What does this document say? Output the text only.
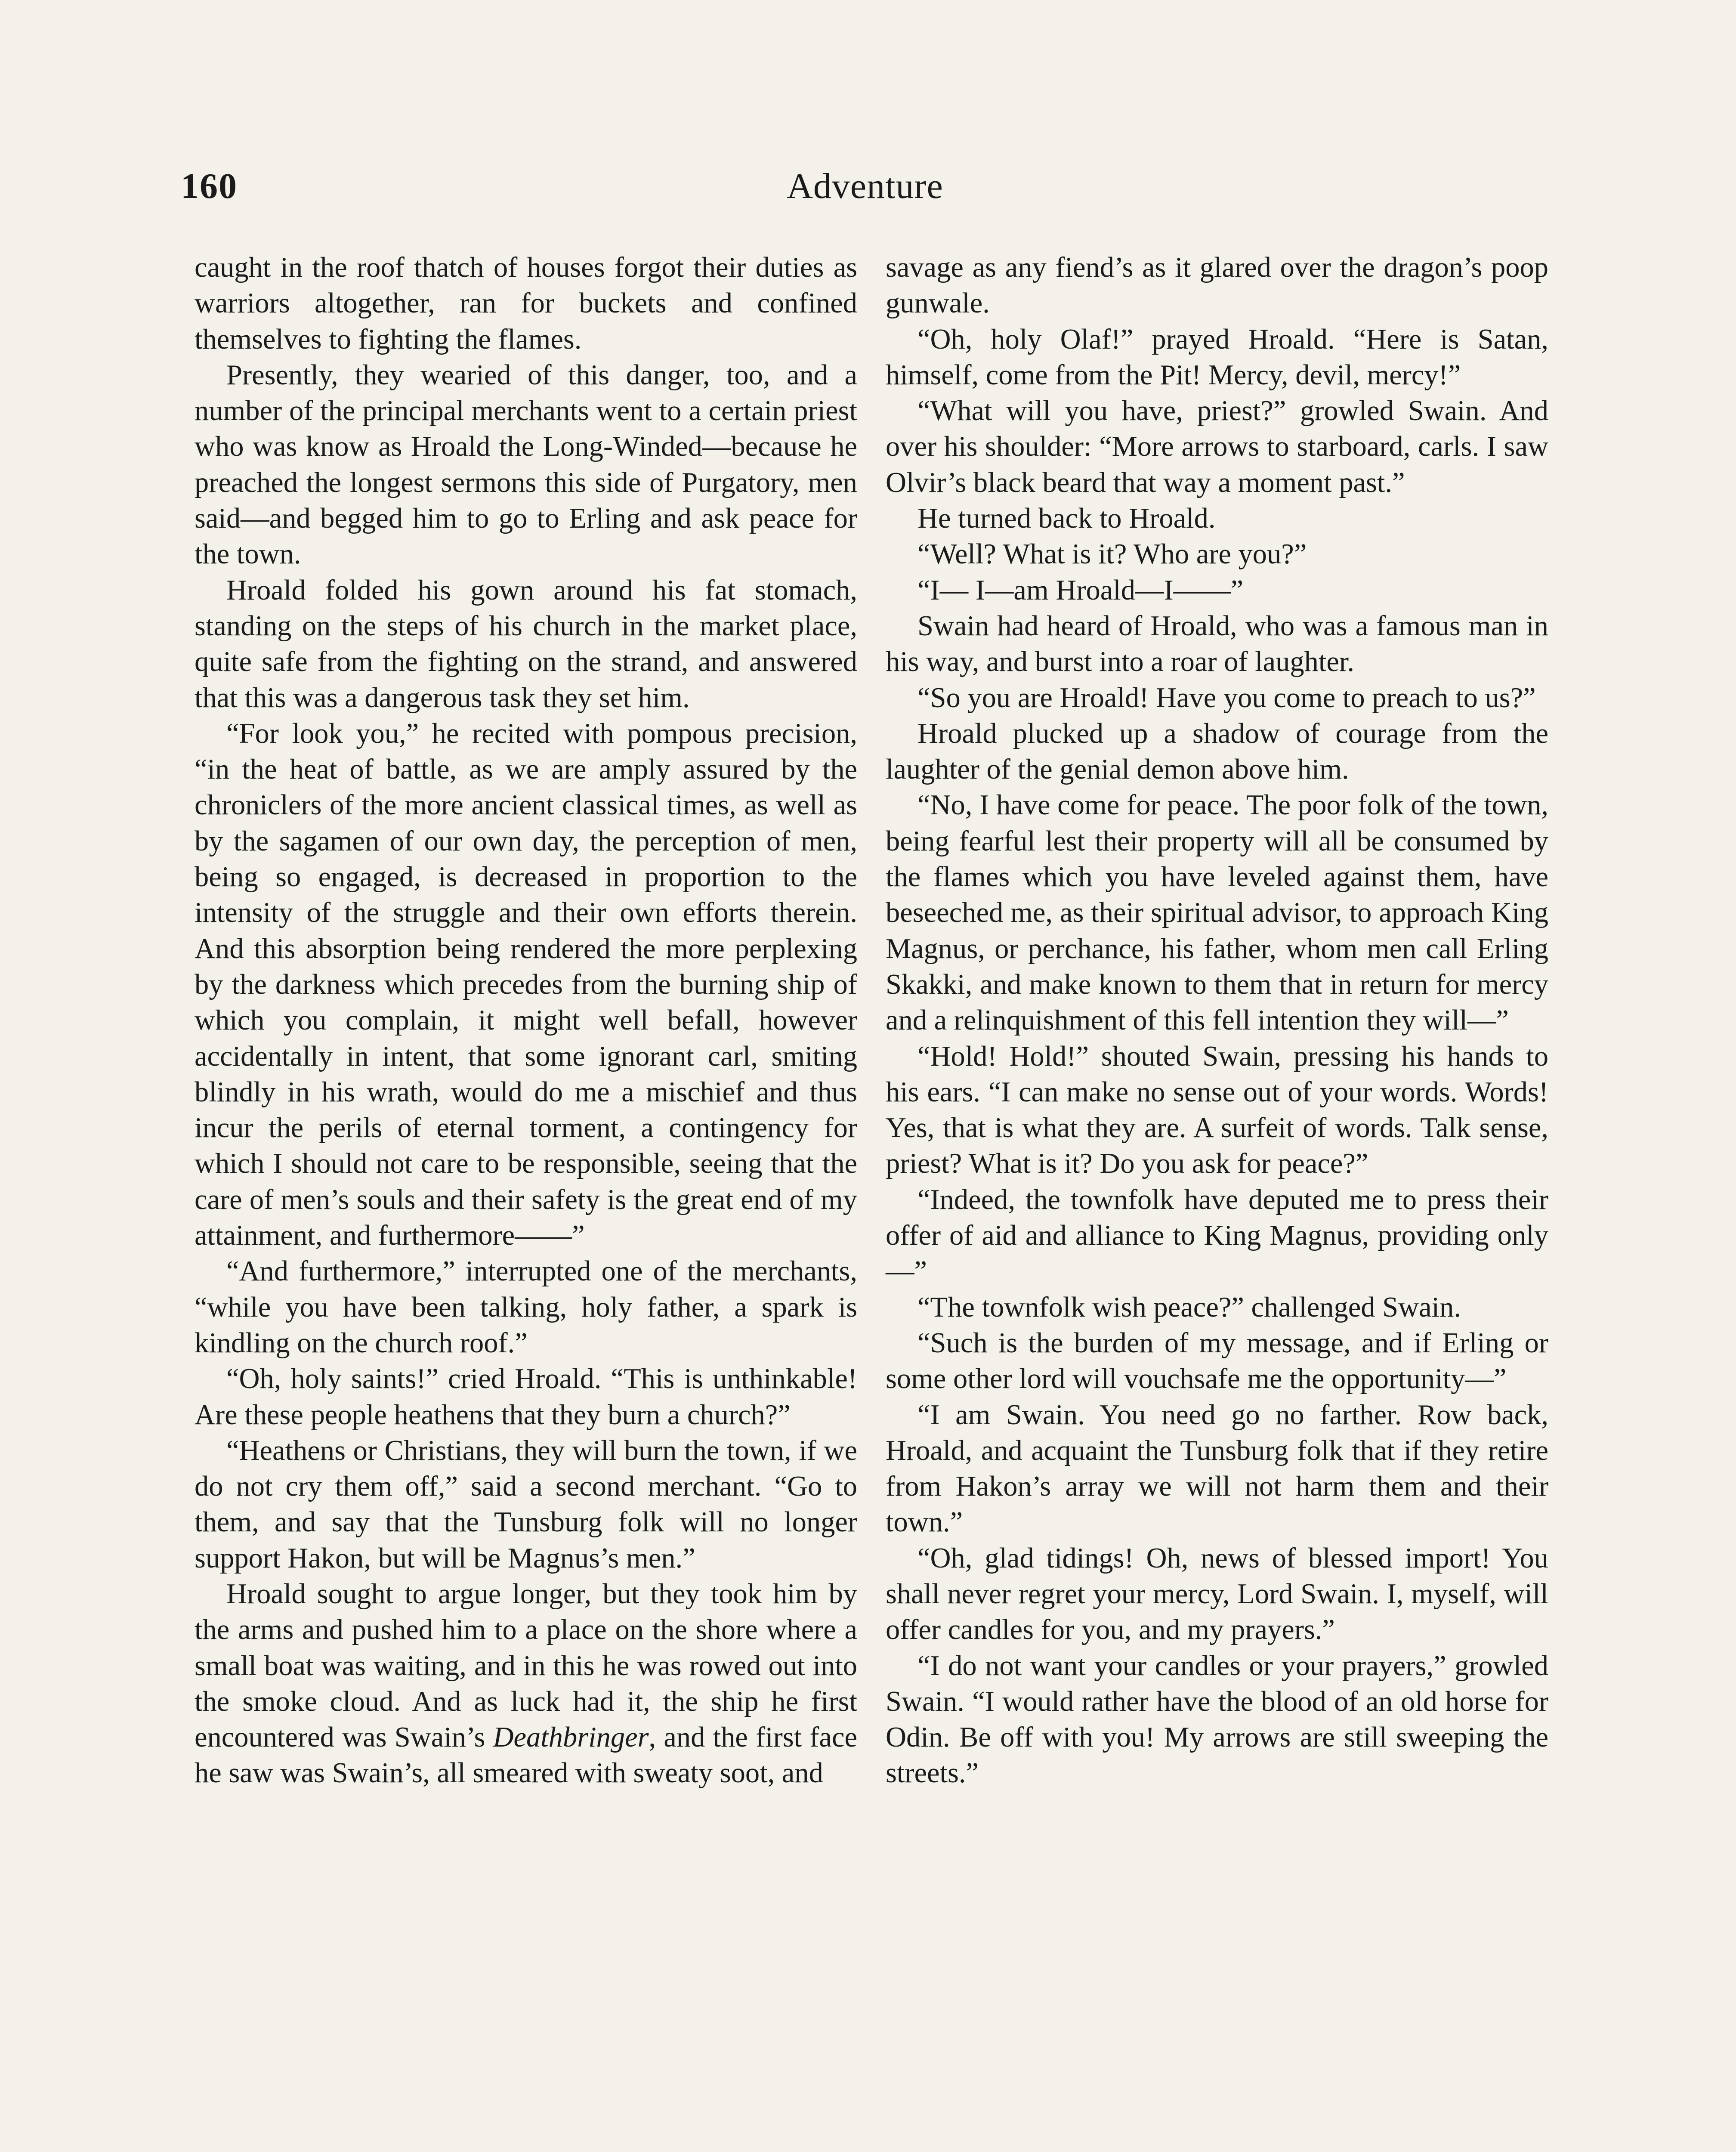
160	Adventure

caught in the roof thatch of houses forgot their duties as warriors altogether, ran for buckets and confined themselves to fighting the flames.

Presently, they wearied of this danger, too, and a number of the principal merchants went to a certain priest who was know as Hroald the Long-Winded—because he preached the longest sermons this side of Purgatory, men said—and begged him to go to Erling and ask peace for the town.

Hroald folded his gown around his fat stomach, standing on the steps of his church in the market place, quite safe from the fighting on the strand, and answered that this was a dangerous task they set him.

“For look you,” he recited with pompous precision, “in the heat of battle, as we are amply assured by the chroniclers of the more ancient classical times, as well as by the sagamen of our own day, the perception of men, being so engaged, is decreased in proportion to the intensity of the struggle and their own efforts therein. And this absorption being rendered the more perplexing by the darkness which precedes from the burning ship of which you complain, it might well befall, however accidentally in intent, that some ignorant carl, smiting blindly in his wrath, would do me a mischief and thus incur the perils of eternal torment, a contingency for which I should not care to be responsible, seeing that the care of men’s souls and their safety is the great end of my attainment, and furthermore——”

“And furthermore,” interrupted one of the merchants, “while you have been talking, holy father, a spark is kindling on the church roof.”

“Oh, holy saints!” cried Hroald. “This is unthinkable! Are these people heathens that they burn a church?”

“Heathens or Christians, they will burn the town, if we do not cry them off,” said a second merchant. “Go to them, and say that the Tunsburg folk will no longer support Hakon, but will be Magnus’s men.”

Hroald sought to argue longer, but they took him by the arms and pushed him to a place on the shore where a small boat was waiting, and in this he was rowed out into the smoke cloud. And as luck had it, the ship he first encountered was Swain’s Deathbringer, and the first face he saw was Swain’s, all smeared with sweaty soot, and

savage as any fiend’s as it glared over the dragon’s poop gunwale.

“Oh, holy Olaf!” prayed Hroald. “Here is Satan, himself, come from the Pit! Mercy, devil, mercy!”

“What will you have, priest?” growled Swain. And over his shoulder: “More arrows to starboard, carls. I saw Olvir’s black beard that way a moment past.”

He turned back to Hroald.

“Well? What is it? Who are you?”

“I— I—am Hroald—I——”

Swain had heard of Hroald, who was a famous man in his way, and burst into a roar of laughter.

“So you are Hroald! Have you come to preach to us?”

Hroald plucked up a shadow of courage from the laughter of the genial demon above him.

“No, I have come for peace. The poor folk of the town, being fearful lest their property will all be consumed by the flames which you have leveled against them, have beseeched me, as their spiritual advisor, to approach King Magnus, or perchance, his father, whom men call Erling Skakki, and make known to them that in return for mercy and a relinquishment of this fell intention they will—”

“Hold! Hold!” shouted Swain, pressing his hands to his ears. “I can make no sense out of your words. Words! Yes, that is what they are. A surfeit of words. Talk sense, priest? What is it? Do you ask for peace?”

“Indeed, the townfolk have deputed me to press their offer of aid and alliance to King Magnus, providing only—”

“The townfolk wish peace?” challenged Swain.

“Such is the burden of my message, and if Erling or some other lord will vouchsafe me the opportunity—”

“I am Swain. You need go no farther. Row back, Hroald, and acquaint the Tunsburg folk that if they retire from Hakon’s array we will not harm them and their town.”

“Oh, glad tidings! Oh, news of blessed import! You shall never regret your mercy, Lord Swain. I, myself, will offer candles for you, and my prayers.”

“I do not want your candles or your prayers,” growled Swain. “I would rather have the blood of an old horse for Odin. Be off with you! My arrows are still sweeping the streets.”
